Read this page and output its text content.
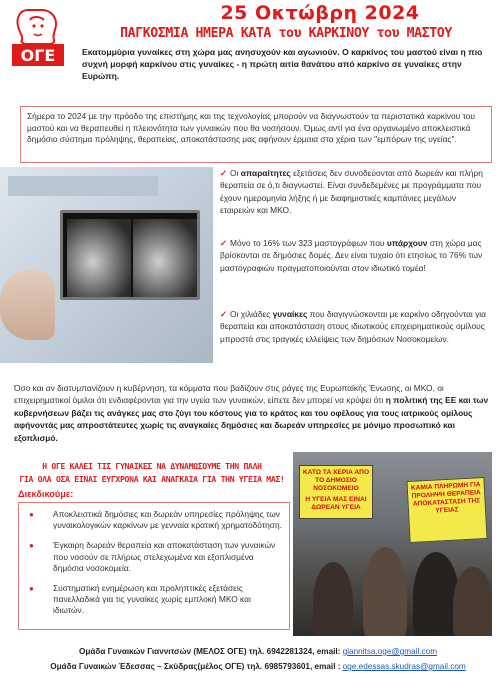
ΟΓΕ
25 Οκτώβρη 2024
ΠΑΓΚΟΣΜΙΑ ΗΜΕΡΑ ΚΑΤΑ του ΚΑΡΚΙΝΟΥ του ΜΑΣΤΟΥ
Εκατομμύρια γυναίκες στη χώρα μας ανησυχούν και αγωνιούν. Ο καρκίνος του μαστού είναι η πιο συχνή μορφή καρκίνου στις γυναίκες - η πρώτη αιτία θανάτου από καρκίνο σε γυναίκες στην Ευρώπη.
Σήμερα το 2024 με την πρόοδο της επιστήμης και της τεχνολογίας μπορούν να διαγνωστούν τα περιστατικά καρκίνου του μαστού και να θεραπευθεί η πλειονότητα των γυναικών που θα νοσήσουν. Όμως αντί για ένα οργανωμένο αποκλειστικά δημόσιο σύστημα πρόληψης, θεραπείας, αποκατάστασης μας αφήνουν έρμαια στα χέρια των "εμπόρων της υγείας".
✓ Οι απαραίτητες εξετάσεις δεν συνοδεύονται από δωρεάν και πλήρη θεραπεία σε ό,τι διαγνωστεί. Είναι συνδεδεμένες με προγράμματα που έχουν ημερομηνία λήξης ή με διαφημιστικές καμπάνιες μεγάλων εταιρειών και ΜΚΟ.
✓ Μόνο το 16% των 323 μαστογράφων που υπάρχουν στη χώρα μας βρίσκονται σε δημόσιες δομές. Δεν είναι τυχαίο ότι ετησίως το 76% των μαστογραφιών πραγματοποιούνται στον ιδιωτικό τομέα!
✓ Οι χιλιάδες γυναίκες που διαγιγνώσκονται με καρκίνο οδηγούνται για θεραπεία και αποκατάσταση στους ιδιωτικούς επιχειρηματικούς ομίλους μπροστά στις τραγικές ελλείψεις των δημόσιων Νοσοκομείων.
Όσο και αν διατυμπανίζουν η κυβέρνηση, τα κόμματα που βαδίζουν στις ράγες της Ευρωπαϊκής Ένωσης, οι ΜΚΟ, οι επιχειρηματικοί όμιλοι ότι ενδιαφέρονται για την υγεία των γυναικών, είπετε δεν μπορεί να κρύψει ότι η πολιτική της ΕΕ και των κυβερνήσεων βάζει τις ανάγκες μας στο ζύγι του κόστους για το κράτος και του οφέλους για τους ιατρικούς ομίλους αφήνοντάς μας απροστάτευτες χωρίς τις αναγκαίες δημόσιες και δωρεάν υπηρεσίες με μόνιμο προσωπικό και εξοπλισμό.
Η ΟΓΕ ΚΑΛΕΙ ΤΙΣ ΓΥΝΑΙΚΕΣ ΝΑ ΔΥΝΑΜΩΣΟΥΜΕ ΤΗΝ ΠΑΛΗ
ΓΙΑ ΟΛΑ ΟΣΑ ΕΙΝΑΙ ΕΥΓΧΡΟΝΑ ΚΑΙ ΑΝΑΓΚΑΙΑ ΓΙΑ ΤΗΝ ΥΓΕΙΑ ΜΑΣ!
Διεκδικούμε:
●	Αποκλειστικά δημόσιες και δωρεάν υπηρεσίες πρόληψης των γυναικολογικών καρκίνων με γενναία κρατική χρηματοδότηση.
●	Έγκαιρη δωρεάν θεραπεία και αποκατάσταση των γυναικών που νοσούν σε πλήρως στελεχωμένα και εξοπλισμένα δημόσια νοσοκομεία.
●	Συστηματική ενημέρωση και προληπτικές εξετάσεις πανελλαδικά για τις γυναίκες χωρίς εμπλοκή ΜΚΟ και ιδιωτών.
ΚΑΤΩ ΤΑ ΧΕΡΙΑ ΑΠΟ ΤΟ ΔΗΜΟΣΙΟ ΝΟΣΟΚΟΜΕΙΟ
Η ΥΓΕΙΑ ΜΑΣ ΕΙΝΑΙ ΔΩΡΕΑΝ ΥΓΕΙΑ
ΚΑΜΙΑ ΠΛΗΡΩΜΗ ΓΙΑ ΠΡΟΛΗΨΗ ΘΕΡΑΠΕΙΑ ΑΠΟΚΑΤΑΣΤΑΣΗ ΤΗΣ ΥΓΕΙΑΣ
Ομάδα Γυναικών Γιαννιτσών (ΜΕΛΟΣ ΟΓΕ) τηλ. 6942281324, email: giannitsa.oge@gmail.com
Ομάδα Γυναικών Έδεσσας – Σκύδρας(μέλος ΟΓΕ) τηλ. 6985793601, email : oge.edessas.skudras@gmail.com
